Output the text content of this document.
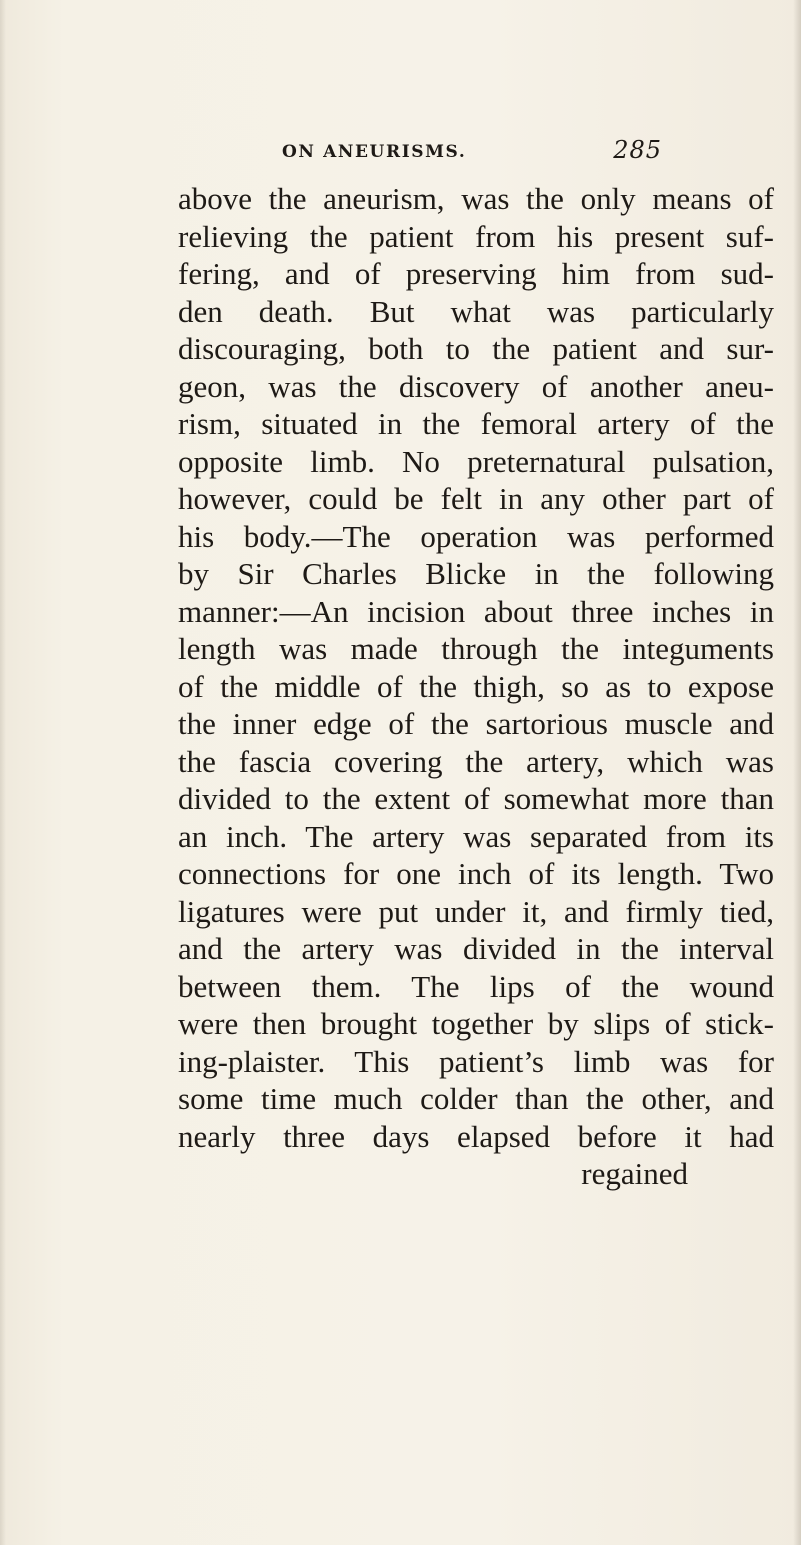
ON ANEURISMS.	285
above the aneurism, was the only means of
relieving the patient from his present suf-
fering, and of preserving him from sud-
den death. But what was particularly
discouraging, both to the patient and sur-
geon, was the discovery of another aneu-
rism, situated in the femoral artery of the
opposite limb. No preternatural pulsation,
however, could be felt in any other part of
his body.—The operation was performed
by Sir Charles Blicke in the following
manner:—An incision about three inches in
length was made through the integuments
of the middle of the thigh, so as to expose
the inner edge of the sartorious muscle and
the fascia covering the artery, which was
divided to the extent of somewhat more than
an inch. The artery was separated from its
connections for one inch of its length. Two
ligatures were put under it, and firmly tied,
and the artery was divided in the interval
between them. The lips of the wound
were then brought together by slips of stick-
ing-plaister. This patient’s limb was for
some time much colder than the other, and
nearly three days elapsed before it had
regained
